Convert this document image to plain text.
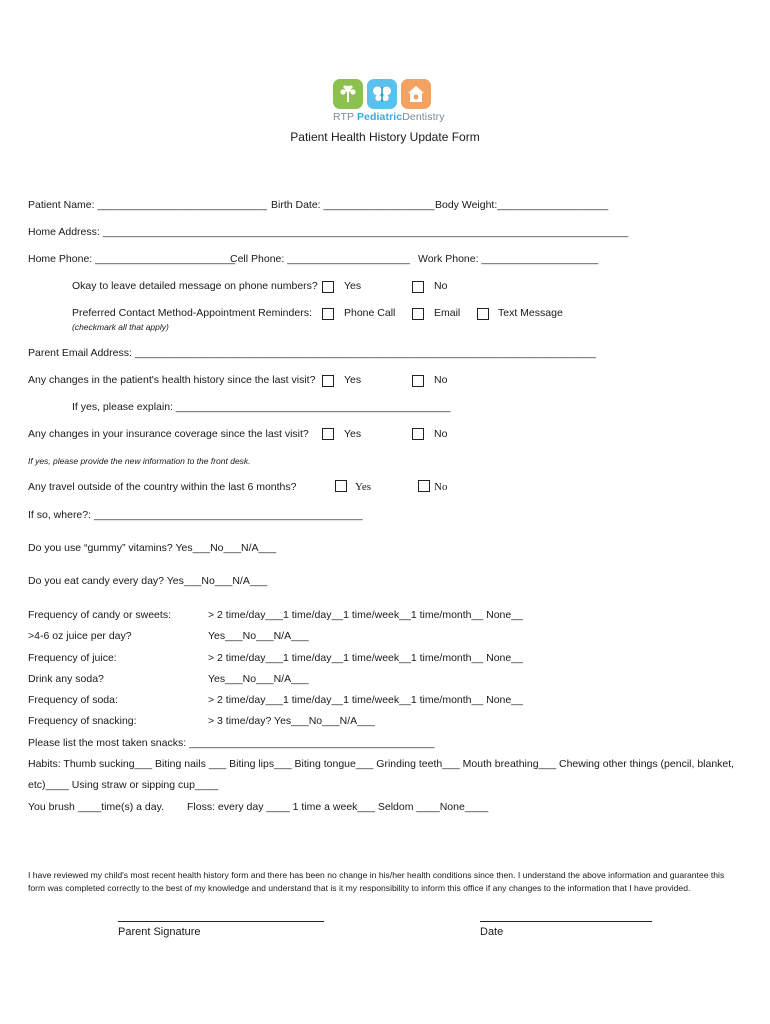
RTP PediatricDentistry
Patient Health History Update Form
Patient Name: _____________________________ Birth Date: ___________________ Body Weight:___________________
Home Address: __________________________________________________________________________________________
Home Phone: ________________________
Cell Phone: _____________________ Work Phone: ____________________
Okay to leave detailed message on phone numbers?	Yes	No
Preferred Contact Method-Appointment Reminders:	Phone Call	Email	Text Message
(checkmark all that apply)
Parent Email Address: _______________________________________________________________________________
Any changes in the patient's health history since the last visit?	Yes	No
If yes, please explain: _______________________________________________
Any changes in your insurance coverage since the last visit?	Yes	No
If yes, please provide the new information to the front desk.
Any travel outside of the country within the last 6 months?	Yes	No
If so, where?: ______________________________________________
Do you use “gummy” vitamins? Yes___No___N/A___
Do you eat candy every day? Yes___No___N/A___
Frequency of candy or sweets:	> 2 time/day___1 time/day__1 time/week__1 time/month__ None__
>4-6 oz juice per day?	Yes___No___N/A___
Frequency of juice:	> 2 time/day___1 time/day__1 time/week__1 time/month__ None__
Drink any soda?	Yes___No___N/A___
Frequency of soda:	> 2 time/day___1 time/day__1 time/week__1 time/month__ None__
Frequency of snacking:	> 3 time/day? Yes___No___N/A___
Please list the most taken snacks: __________________________________________
Habits: Thumb sucking___ Biting nails ___ Biting lips___ Biting tongue___ Grinding teeth___ Mouth breathing___ Chewing other things (pencil, blanket,
etc)____ Using straw or sipping cup____
You brush ____time(s) a day. Floss: every day ____ 1 time a week___ Seldom ____None____
I have reviewed my child's most recent health history form and there has been no change in his/her health conditions since then. I understand the above information and guarantee this form was completed correctly to the best of my knowledge and understand that is it my responsibility to inform this office if any changes to the information that I have provided.
Parent Signature	Date
